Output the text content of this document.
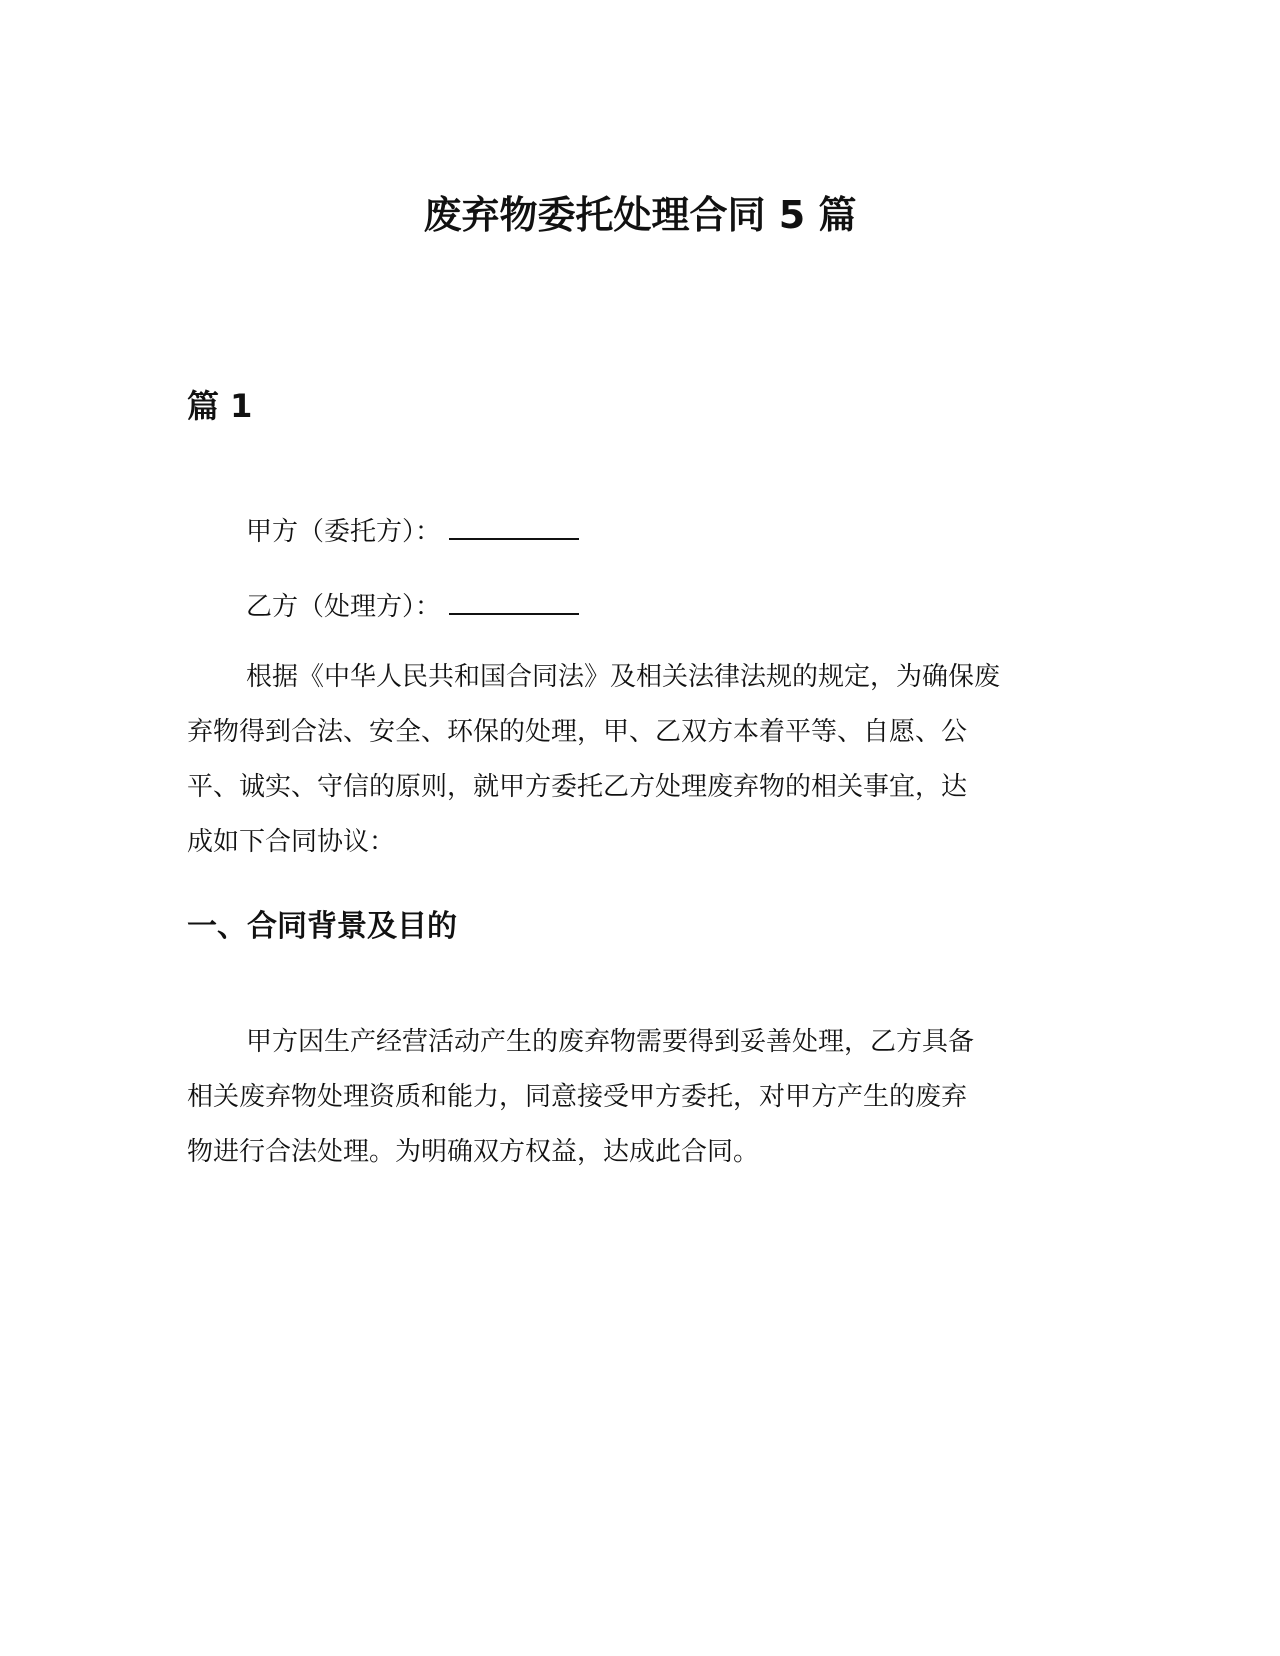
废弃物委托处理合同 5 篇
篇 1
甲方（委托方）：
乙方（处理方）：
根据《中华人民共和国合同法》及相关法律法规的规定，为确保废
弃物得到合法、安全、环保的处理，甲、乙双方本着平等、自愿、公
平、诚实、守信的原则，就甲方委托乙方处理废弃物的相关事宜，达
成如下合同协议：
一、合同背景及目的
甲方因生产经营活动产生的废弃物需要得到妥善处理，乙方具备
相关废弃物处理资质和能力，同意接受甲方委托，对甲方产生的废弃
物进行合法处理。为明确双方权益，达成此合同。
